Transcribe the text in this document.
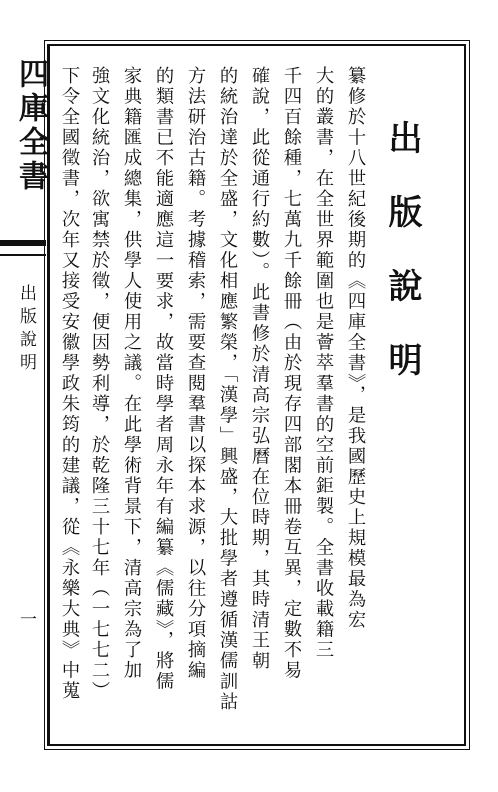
四庫全書
出版說明
一
出版說明
纂修於十八世紀後期的《四庫全書》，是我國歷史上規模最為宏
大的叢書，在全世界範圍也是薈萃羣書的空前鉅製。全書收載籍三
千四百餘種，七萬九千餘冊（由於現存四部閣本冊卷互異，定數不易
確說，此從通行約數）。此書修於清高宗弘曆在位時期，其時清王朝
的統治達於全盛，文化相應繁榮，「漢學」興盛，大批學者遵循漢儒訓詁
方法研治古籍。考據稽索，需要查閱羣書以探本求源，以往分項摘編
的類書已不能適應這一要求，故當時學者周永年有編纂《儒藏》，將儒
家典籍匯成總集，供學人使用之議。在此學術背景下，清高宗為了加
強文化統治，欲寓禁於徵，便因勢利導，於乾隆三十七年（一七七二）
下令全國徵書，次年又接受安徽學政朱筠的建議，從《永樂大典》中蒐
